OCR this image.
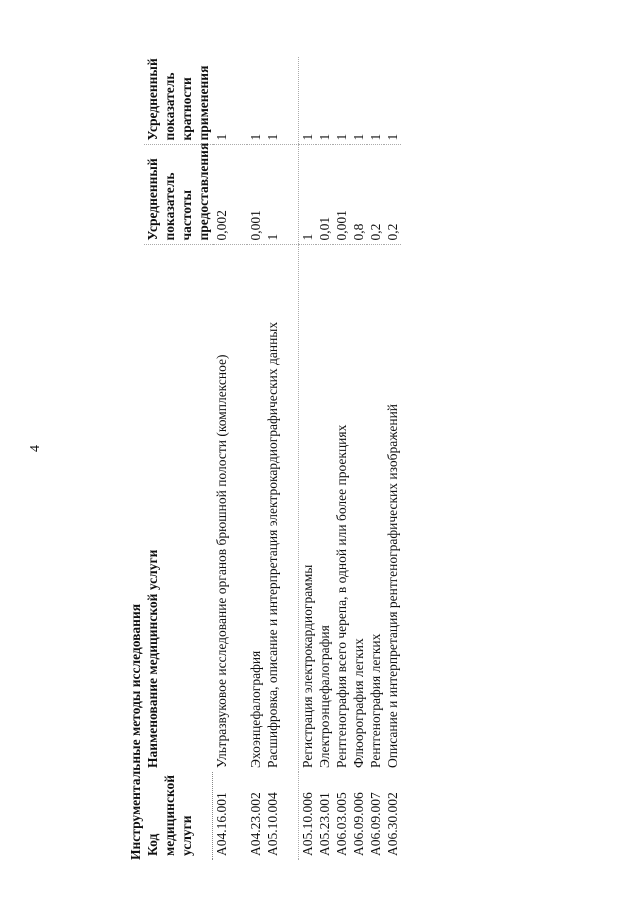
4
Инструментальные методы исследования Код медицинской услуги	Наименование медицинской услуги	Усредненный показатель частоты предоставления	Усредненный показатель кратности применения
A04.16.001	Ультразвуковое исследование органов брюшной полости (комплексное)	0,002	1
A04.23.002	Эхоэнцефалография	0,001	1
A05.10.004	Расшифровка, описание и интерпретация электрокардиографических данных	1	1
A05.10.006	Регистрация электрокардиограммы	1	1
A05.23.001	Электроэнцефалография	0,01	1
A06.03.005	Рентгенография всего черепа, в одной или более проекциях	0,001	1
A06.09.006	Флюорография легких	0,8	1
A06.09.007	Рентгенография легких	0,2	1
A06.30.002	Описание и интерпретация рентгенографических изображений	0,2	1
